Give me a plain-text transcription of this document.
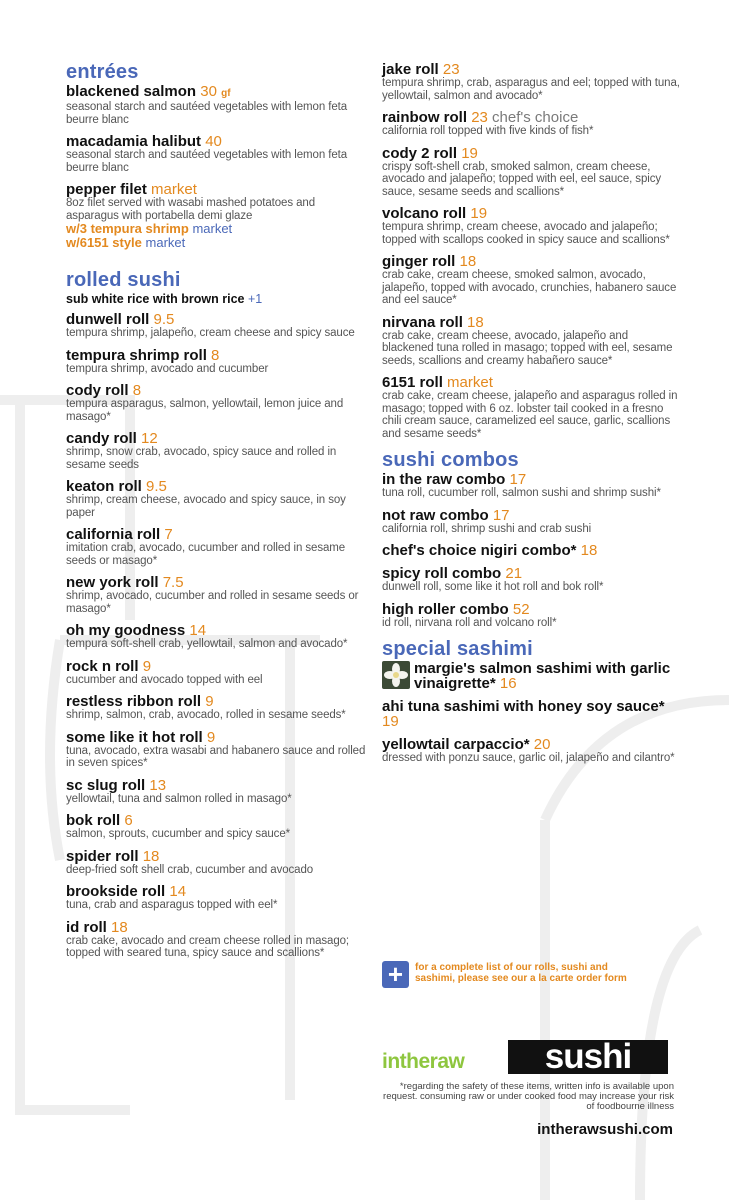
entrées
blackened salmon 30 gf
seasonal starch and sautéed vegetables with lemon feta beurre blanc
macadamia halibut 40
seasonal starch and sautéed vegetables with lemon feta beurre blanc
pepper filet market
8oz filet served with wasabi mashed potatoes and asparagus with portabella demi glaze
w/3 tempura shrimp market
w/6151 style market
rolled sushi
sub white rice with brown rice +1
dunwell roll 9.5
tempura shrimp, jalapeño, cream cheese and spicy sauce
tempura shrimp roll 8
tempura shrimp, avocado and cucumber
cody roll 8
tempura asparagus, salmon, yellowtail, lemon juice and masago*
candy roll 12
shrimp, snow crab, avocado, spicy sauce and rolled in sesame seeds
keaton roll 9.5
shrimp, cream cheese, avocado and spicy sauce, in soy paper
california roll 7
imitation crab, avocado, cucumber and rolled in sesame seeds or masago*
new york roll 7.5
shrimp, avocado, cucumber and rolled in sesame seeds or masago*
oh my goodness 14
tempura soft-shell crab, yellowtail, salmon and avocado*
rock n roll 9
cucumber and avocado topped with eel
restless ribbon roll 9
shrimp, salmon, crab, avocado, rolled in sesame seeds*
some like it hot roll 9
tuna, avocado, extra wasabi and habanero sauce and rolled in seven spices*
sc slug roll 13
yellowtail, tuna and salmon rolled in masago*
bok roll 6
salmon, sprouts, cucumber and spicy sauce*
spider roll 18
deep-fried soft shell crab, cucumber and avocado
brookside roll 14
tuna, crab and asparagus topped with eel*
id roll 18
crab cake, avocado and cream cheese rolled in masago; topped with seared tuna, spicy sauce and scallions*
jake roll 23
tempura shrimp, crab, asparagus and eel; topped with tuna, yellowtail, salmon and avocado*
rainbow roll 23 chef's choice
california roll topped with five kinds of fish*
cody 2 roll 19
crispy soft-shell crab, smoked salmon, cream cheese, avocado and jalapeño; topped with eel, eel sauce, spicy sauce, sesame seeds and scallions*
volcano roll 19
tempura shrimp, cream cheese, avocado and jalapeño; topped with scallops cooked in spicy sauce and scallions*
ginger roll 18
crab cake, cream cheese, smoked salmon, avocado, jalapeño, topped with avocado, crunchies, habanero sauce and eel sauce*
nirvana roll 18
crab cake, cream cheese, avocado, jalapeño and blackened tuna rolled in masago; topped with eel, sesame seeds, scallions and creamy habañero sauce*
6151 roll market
crab cake, cream cheese, jalapeño and asparagus rolled in masago; topped with 6 oz. lobster tail cooked in a fresno chili cream sauce, caramelized eel sauce, garlic, scallions and sesame seeds*
sushi combos
in the raw combo 17
tuna roll, cucumber roll, salmon sushi and shrimp sushi*
not raw combo 17
california roll, shrimp sushi and crab sushi
chef's choice nigiri combo* 18
spicy roll combo 21
dunwell roll, some like it hot roll and bok roll*
high roller combo 52
id roll, nirvana roll and volcano roll*
special sashimi
margie's salmon sashimi with garlic vinaigrette* 16
ahi tuna sashimi with honey soy sauce* 19
yellowtail carpaccio* 20
dressed with ponzu sauce, garlic oil, jalapeño and cilantro*
+	for a complete list of our rolls, sushi and sashimi, please see our a la carte order form
intheraw	sushi
*regarding the safety of these items, written info is available upon request. consuming raw or under cooked food may increase your risk of foodbourne illness
intherawsushi.com
